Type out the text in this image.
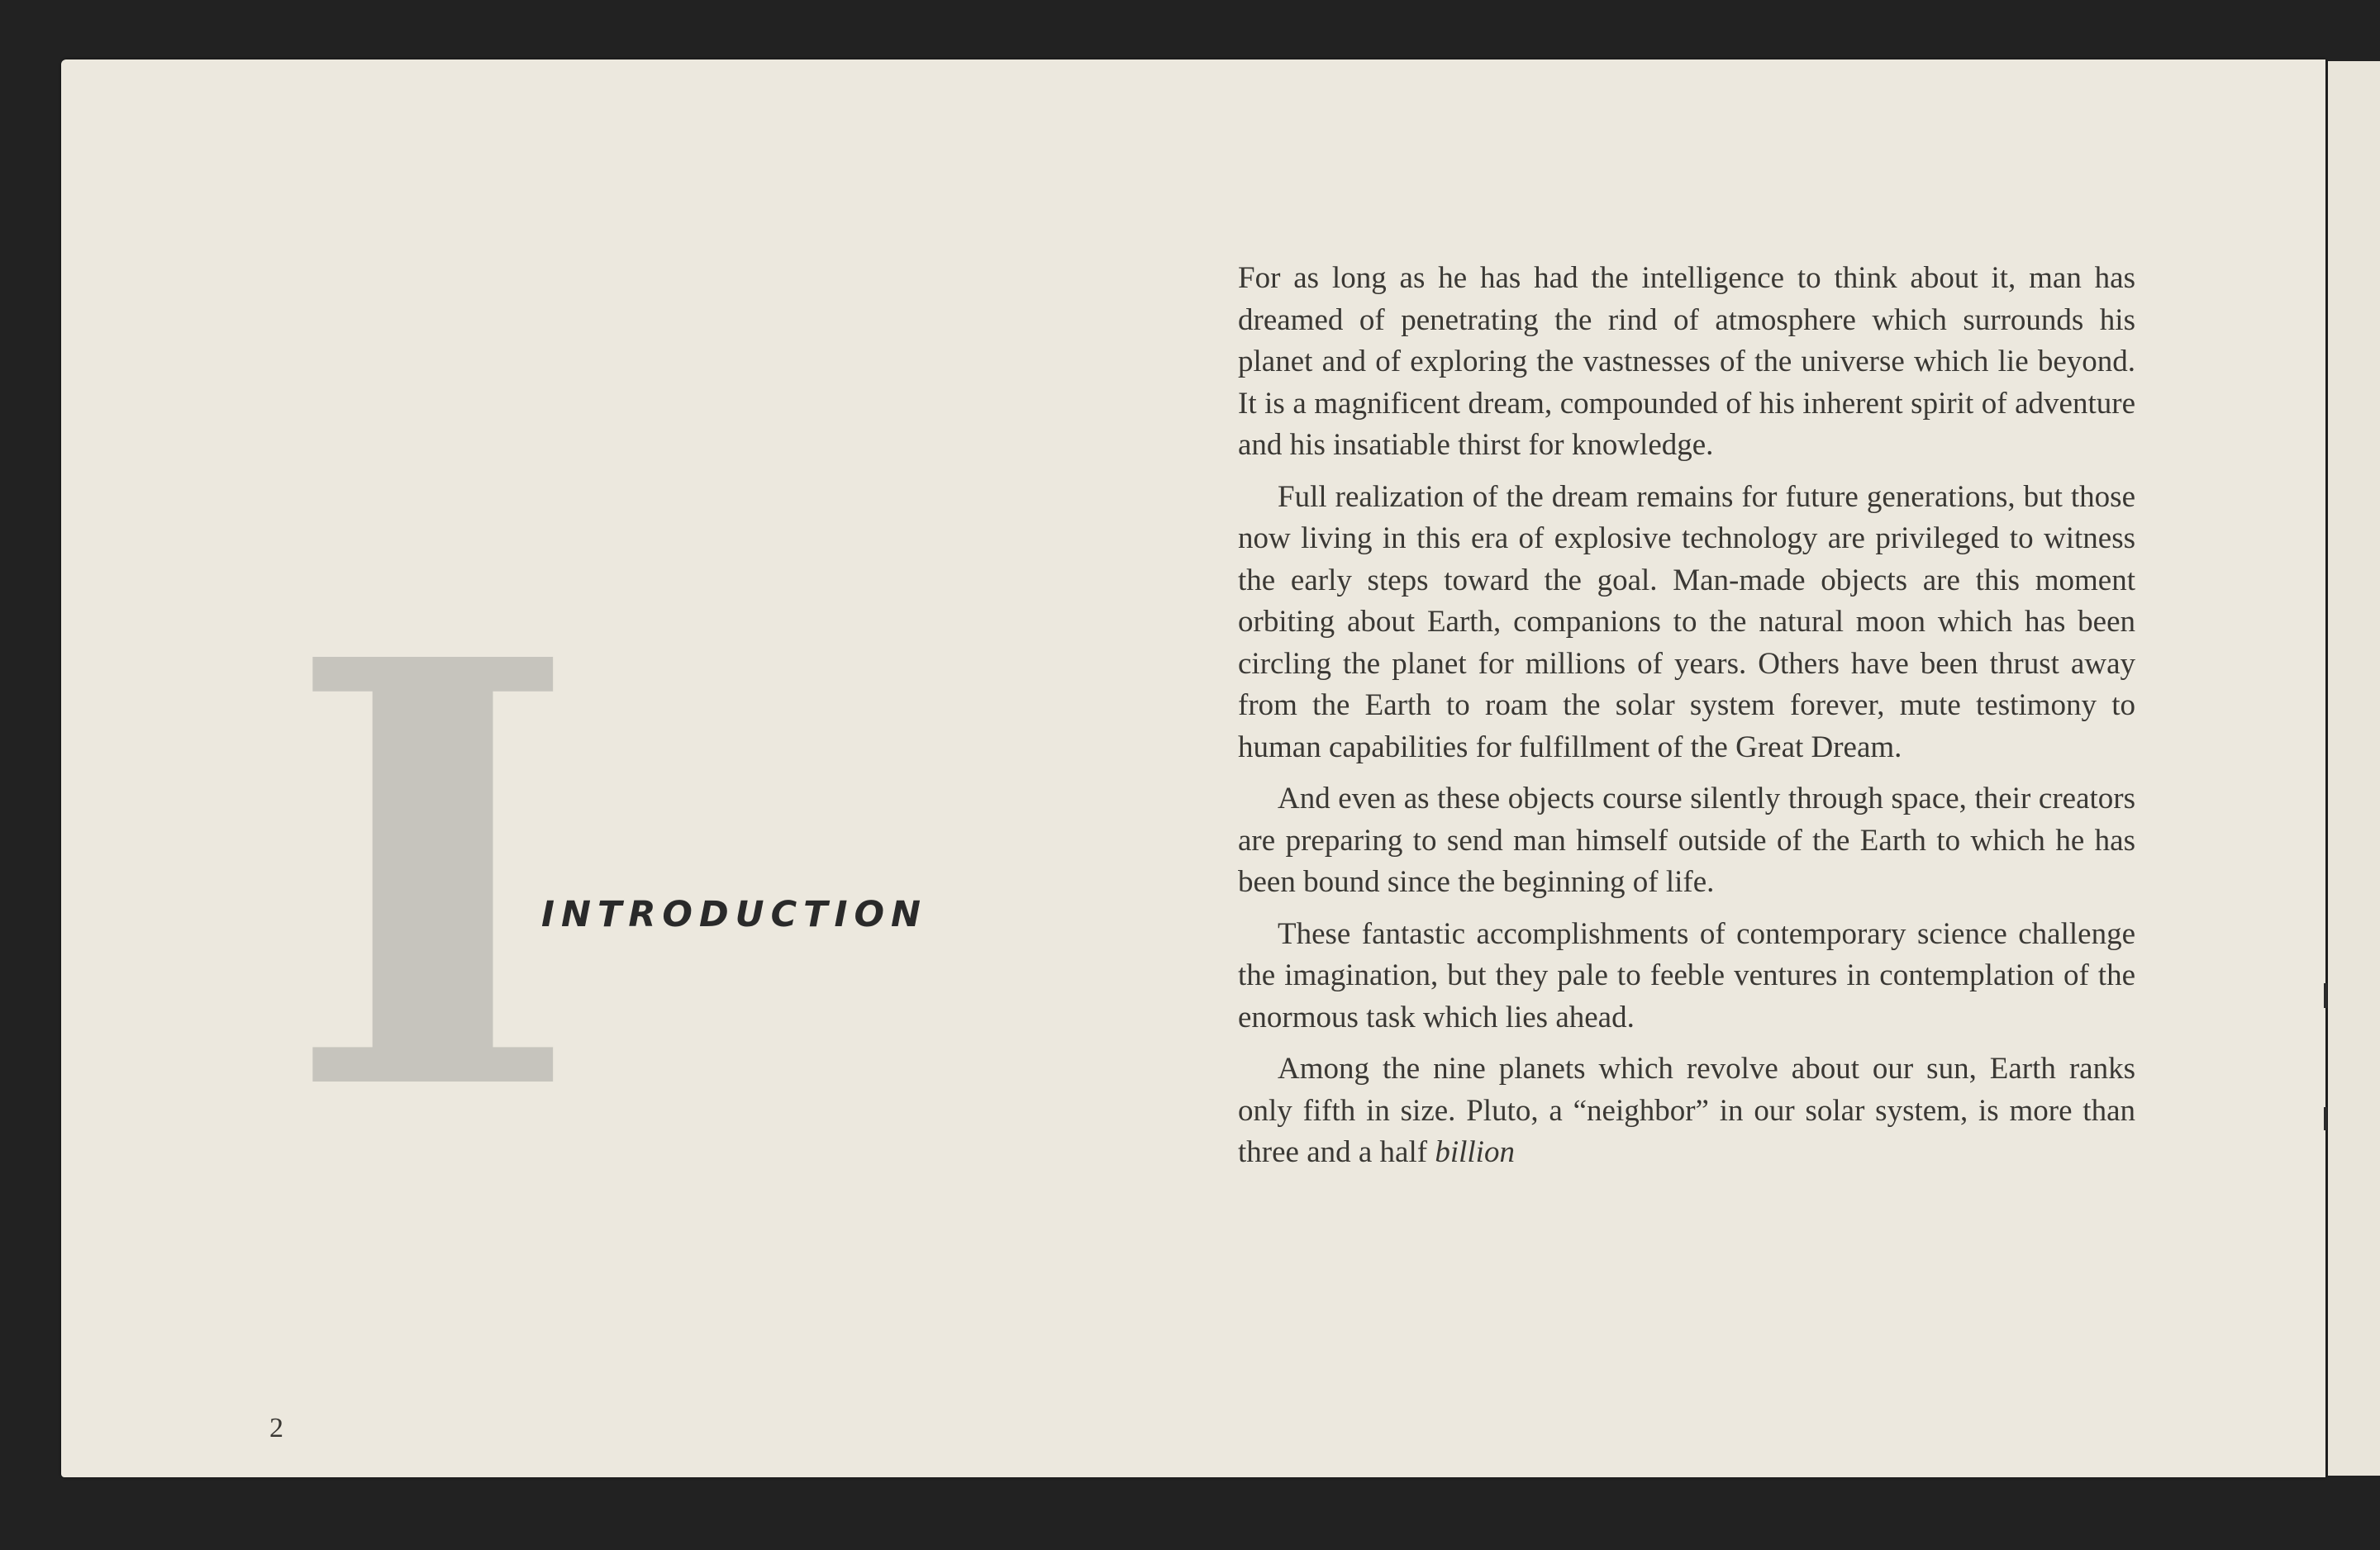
I
INTRODUCTION

For as long as he has had the intelligence to think about it, man has dreamed of penetrating the rind of atmosphere which surrounds his planet and of exploring the vastnesses of the universe which lie beyond. It is a magnificent dream, compounded of his inherent spirit of adventure and his insatiable thirst for knowledge.

Full realization of the dream remains for future generations, but those now living in this era of explosive technology are privileged to witness the early steps toward the goal. Man-made objects are this moment orbiting about Earth, companions to the natural moon which has been circling the planet for millions of years. Others have been thrust away from the Earth to roam the solar system forever, mute testimony to human capabilities for fulfillment of the Great Dream.

And even as these objects course silently through space, their creators are preparing to send man himself outside of the Earth to which he has been bound since the beginning of life.

These fantastic accomplishments of contemporary science challenge the imagination, but they pale to feeble ventures in contemplation of the enormous task which lies ahead.

Among the nine planets which revolve about our sun, Earth ranks only fifth in size. Pluto, a “neighbor” in our solar system, is more than three and a half billion

2
